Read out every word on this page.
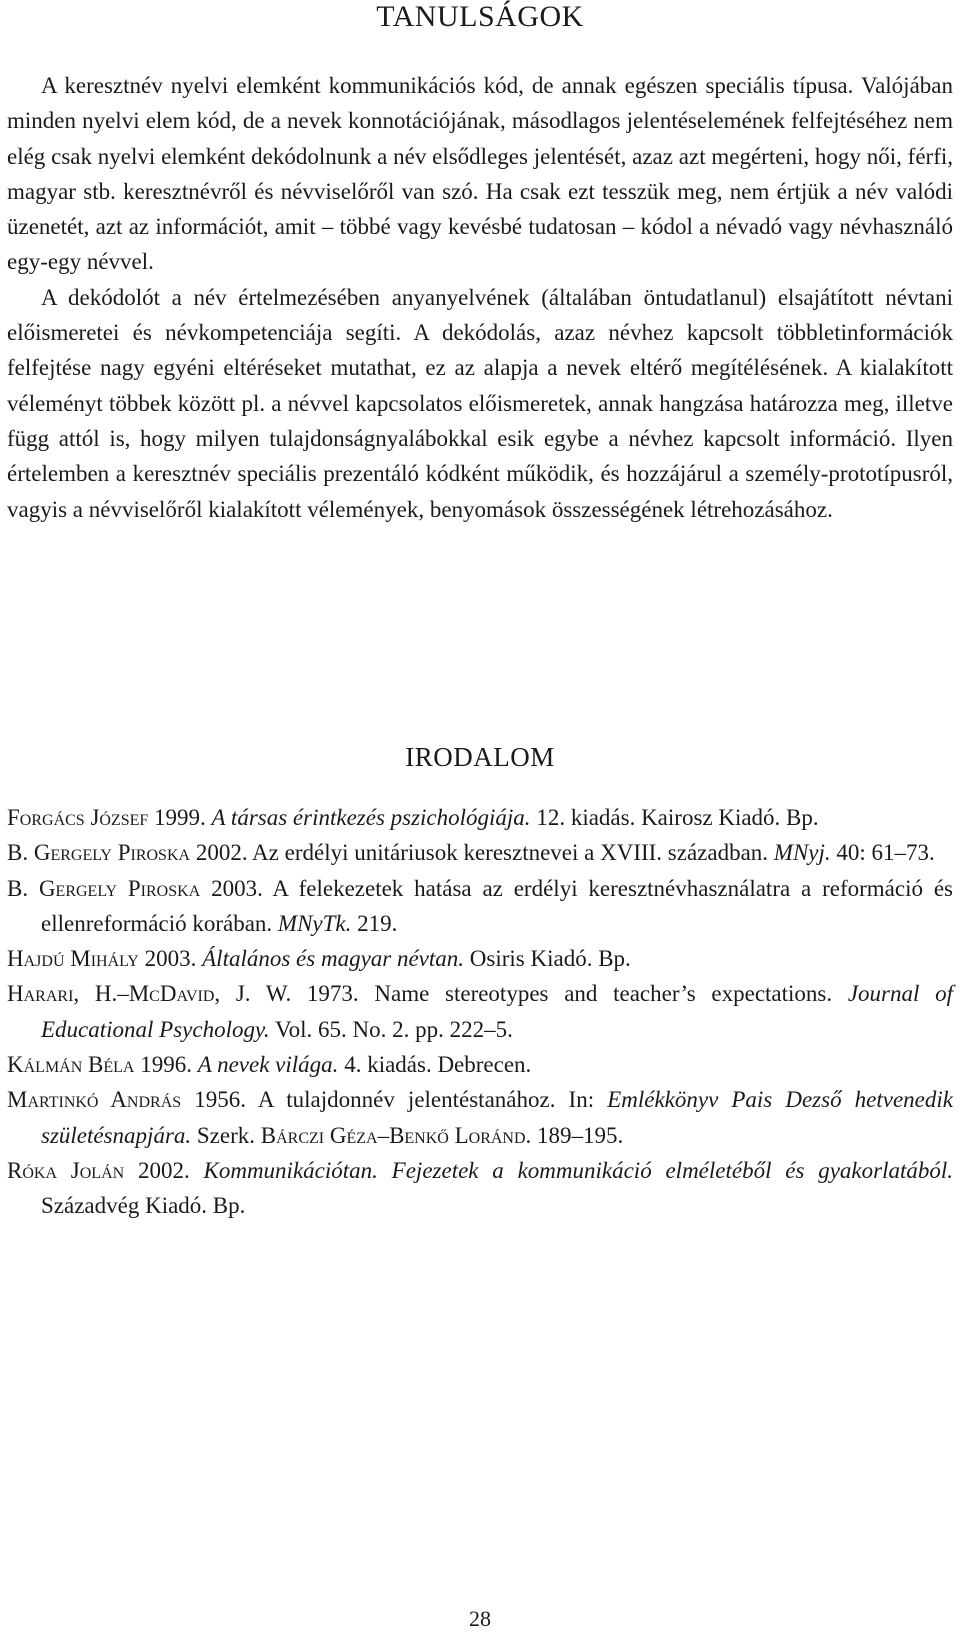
TANULSÁGOK

A keresztnév nyelvi elemként kommunikációs kód, de annak egészen speciális típusa. Valójában minden nyelvi elem kód, de a nevek konnotációjának, másodlagos jelentéselemének felfejtéséhez nem elég csak nyelvi elemként dekódolnunk a név elsődleges jelentését, azaz azt megérteni, hogy női, férfi, magyar stb. keresztnévről és névviselőről van szó. Ha csak ezt tesszük meg, nem értjük a név valódi üzenetét, azt az információt, amit – többé vagy kevésbé tudatosan – kódol a névadó vagy névhasználó egy-egy névvel.

A dekódolót a név értelmezésében anyanyelvének (általában öntudatlanul) elsajátított névtani előismeretei és névkompetenciája segíti. A dekódolás, azaz névhez kapcsolt többletinformációk felfejtése nagy egyéni eltéréseket mutathat, ez az alapja a nevek eltérő megítélésének. A kialakított véleményt többek között pl. a névvel kapcsolatos előismeretek, annak hangzása határozza meg, illetve függ attól is, hogy milyen tulajdonságnyalábokkal esik egybe a névhez kapcsolt információ. Ilyen értelemben a keresztnév speciális prezentáló kódként működik, és hozzájárul a személy-prototípusról, vagyis a névviselőről kialakított vélemények, benyomások összességének létrehozásához.

IRODALOM

Forgács József 1999. A társas érintkezés pszichológiája. 12. kiadás. Kairosz Kiadó. Bp.

B. Gergely Piroska 2002. Az erdélyi unitáriusok keresztnevei a XVIII. században. MNyj. 40: 61–73.

B. Gergely Piroska 2003. A felekezetek hatása az erdélyi keresztnévhasználatra a reformáció és ellenreformáció korában. MNyTk. 219.

Hajdú Mihály 2003. Általános és magyar névtan. Osiris Kiadó. Bp.

Harari, H.–McDavid, J. W. 1973. Name stereotypes and teacher’s expectations. Journal of Educational Psychology. Vol. 65. No. 2. pp. 222–5.

Kálmán Béla 1996. A nevek világa. 4. kiadás. Debrecen.

Martinkó András 1956. A tulajdonnév jelentéstanához. In: Emlékkönyv Pais Dezső hetvenedik születésnapjára. Szerk. Bárczi Géza–Benkő Loránd. 189–195.

Róka Jolán 2002. Kommunikációtan. Fejezetek a kommunikáció elméletéből és gyakorlatából. Századvég Kiadó. Bp.

28
